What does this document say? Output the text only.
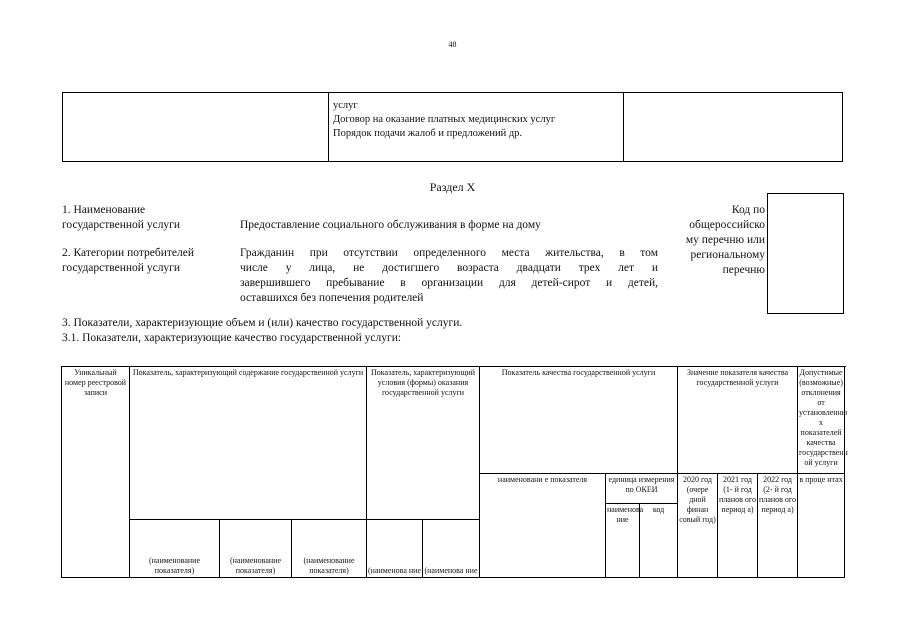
48
услуг
Договор на оказание платных медицинских услуг
Порядок подачи жалоб и предложений др.
Раздел X
1. Наименование
государственной услуги	Предоставление социального обслуживания в форме на дому
2. Категории потребителей
государственной услуги
Гражданин при отсутствии определенного места жительства, в том
числе у лица, не достигшего возраста двадцати трех лет и
завершившего пребывание в организации для детей-сирот и детей,
оставшихся без попечения родителей
Код по
общероссийско
му перечню или
региональному
перечню
3. Показатели, характеризующие объем и (или) качество государственной услуги.
3.1. Показатели, характеризующие качество государственной услуги:
Уникальный номер реестровой записи	Показатель, характеризующий содержание государственной услуги			Показатель, характеризующий условия (формы) оказания государственной услуги		Показатель качества государственной услуги			Значение показателя качества государственной услуги			Допустимые (возможные) отклонения от установленны х показателей качества государственн ой услуги	
						наименовани е показателя	единица измерения по ОКЕИ		2020 год (очере дной финан совый год)	2021 год (1- й год планов ого период а)	2022 год (2- й год планов ого период а)	в проце нтах	
							наименова ние	код					
	(наименование показателя)	(наименование показателя)	(наименование показателя)	(наименова ние	(наименова ние								
